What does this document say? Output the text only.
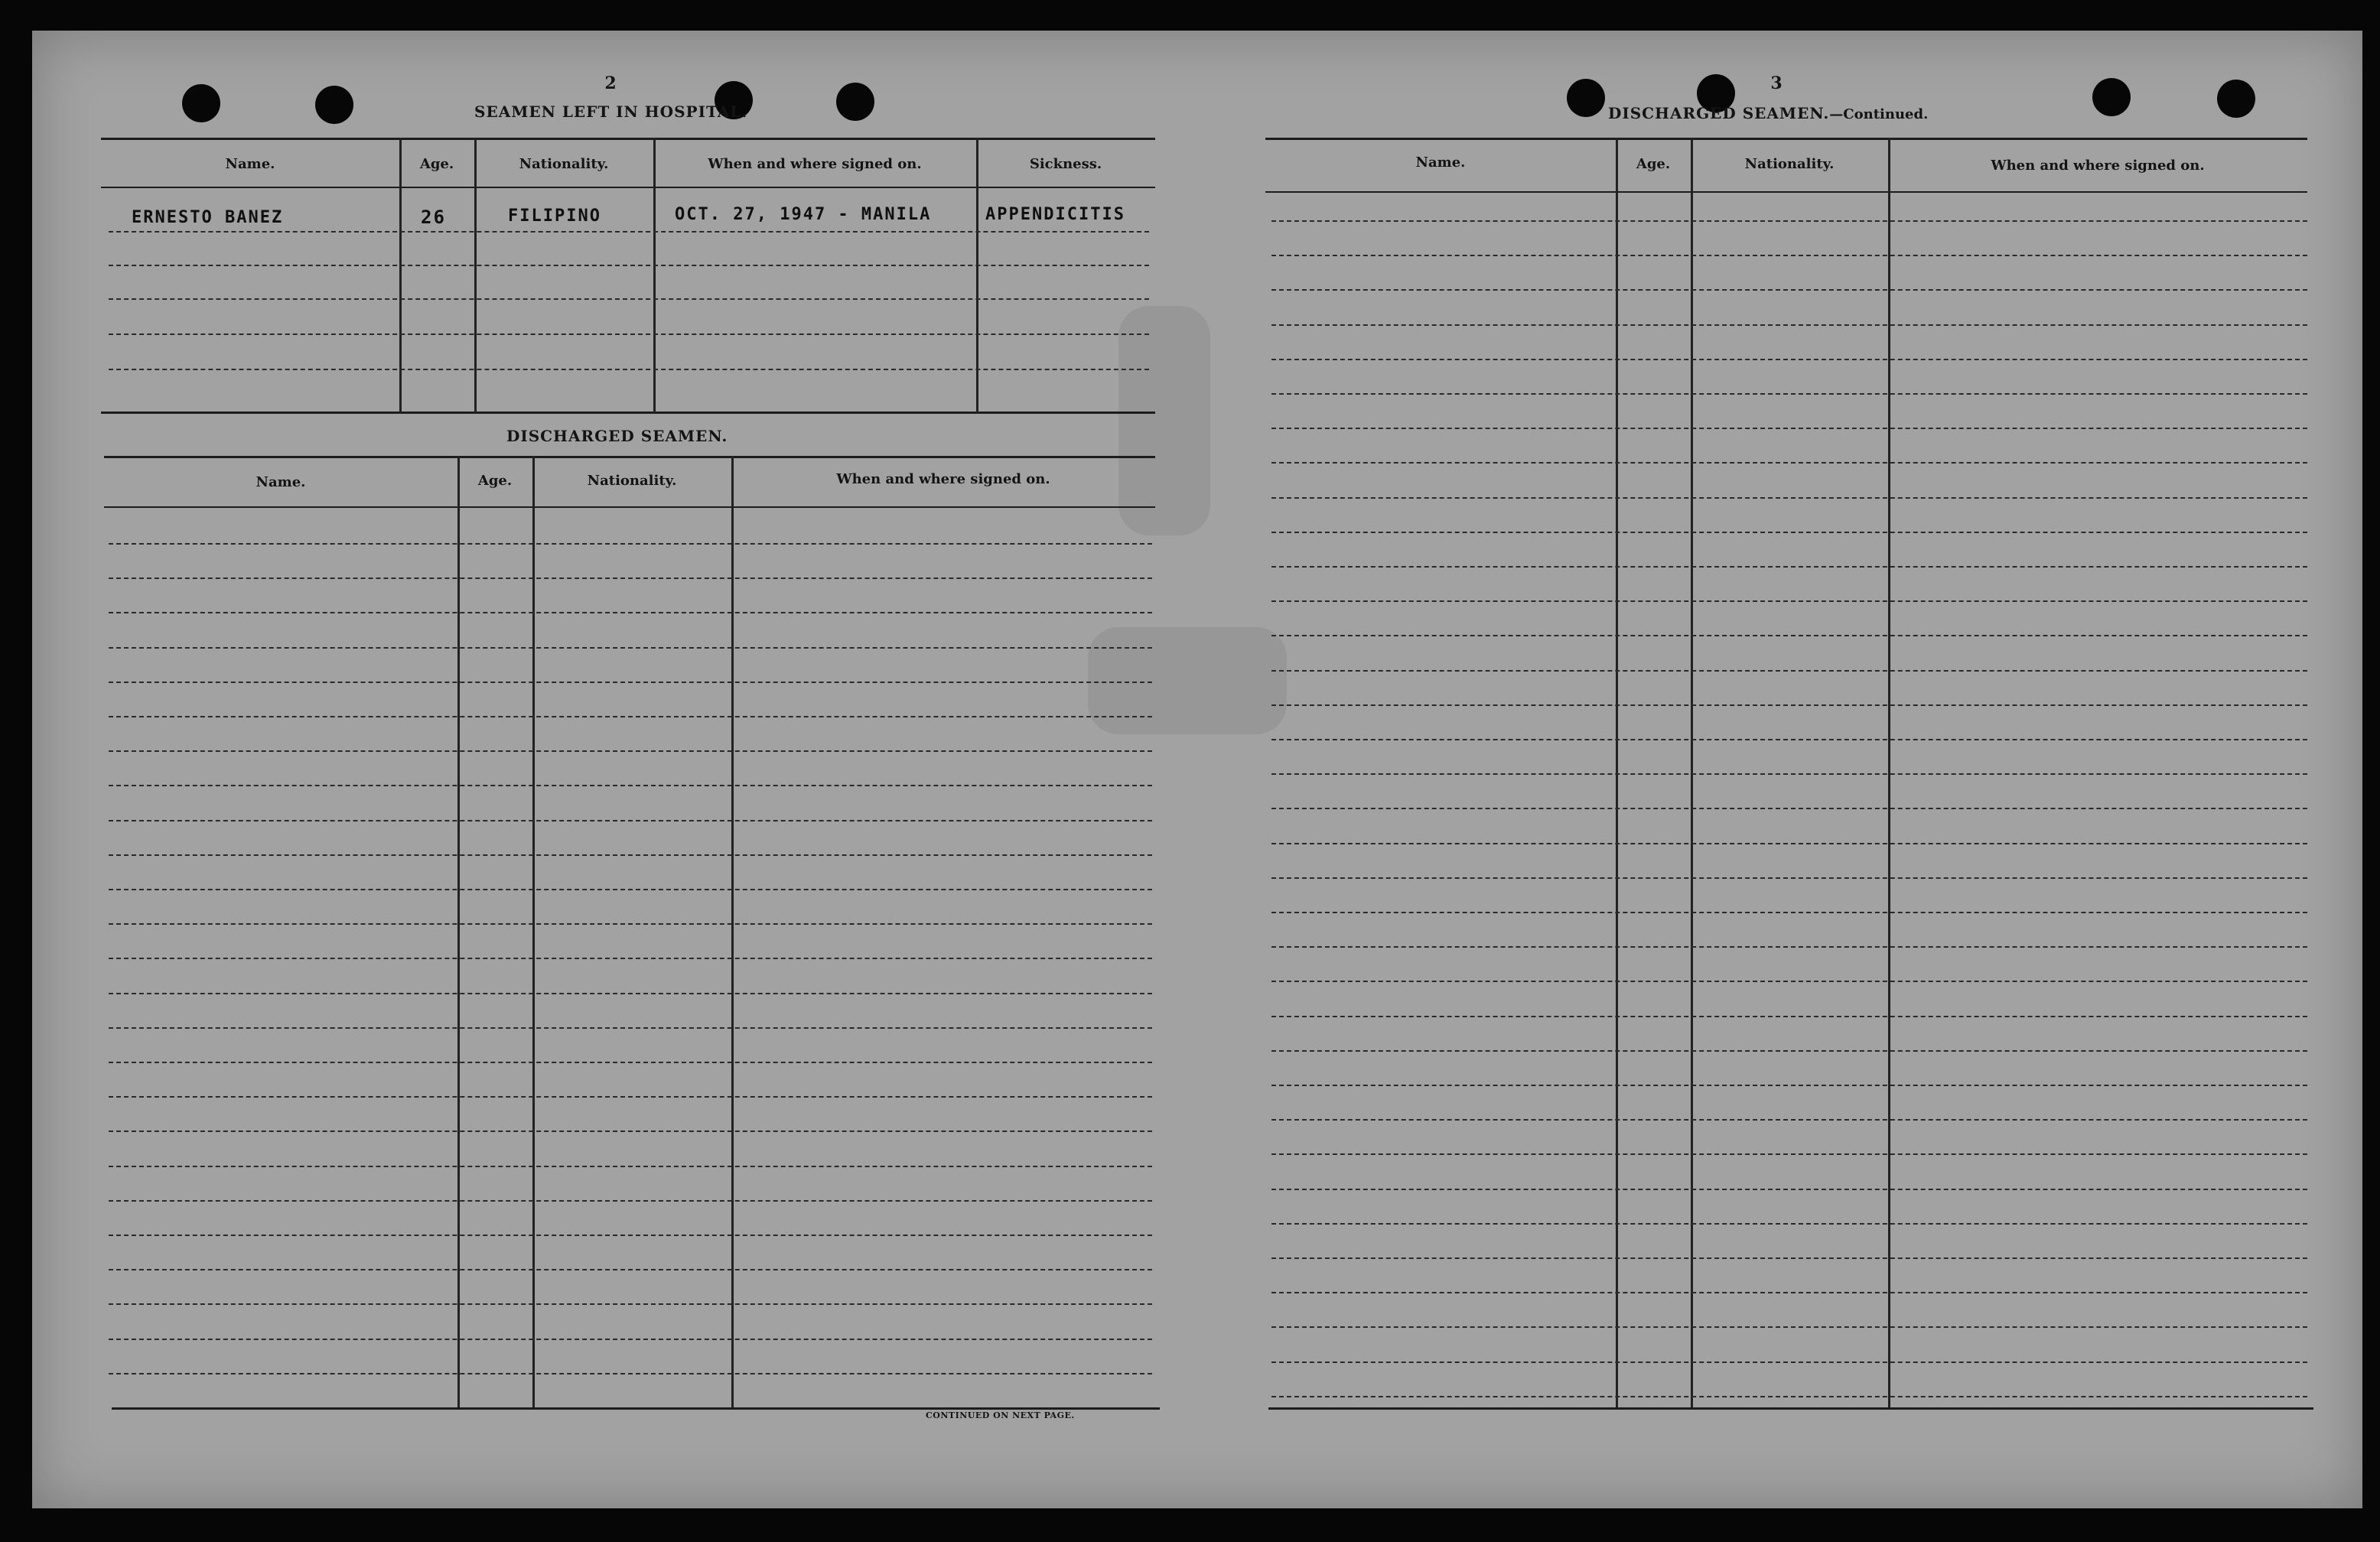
2
SEAMEN LEFT IN HOSPITAL.
Name.	Age.	Nationality.	When and where signed on.	Sickness.
ERNESTO BANEZ	26	FILIPINO	OCT. 27, 1947 - MANILA	APPENDICITIS
DISCHARGED SEAMEN.
Name.	Age.	Nationality.	When and where signed on.
CONTINUED ON NEXT PAGE.
3
DISCHARGED SEAMEN.—Continued.
Name.	Age.	Nationality.	When and where signed on.
